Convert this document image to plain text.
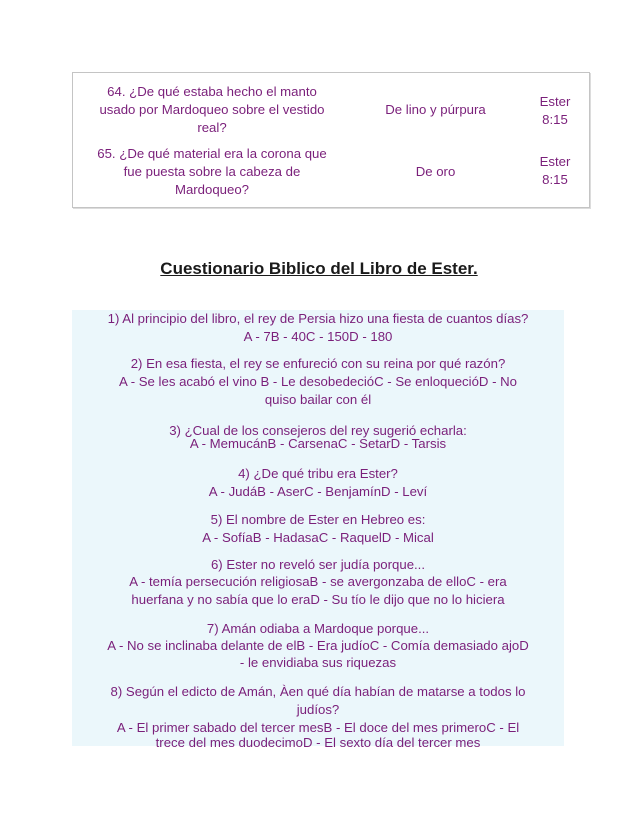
64. ¿De qué estaba hecho el manto
usado por Mardoqueo sobre el vestido
real?
De lino y púrpura
Ester
8:15
65. ¿De qué material era la corona que
fue puesta sobre la cabeza de
Mardoqueo?
De oro
Ester
8:15
Cuestionario Biblico del Libro de Ester.
1) Al principio del libro, el rey de Persia hizo una fiesta de cuantos días?
A - 7B - 40C - 150D - 180
2) En esa fiesta, el rey se enfureció con su reina por qué razón?
A - Se les acabó el vino B - Le desobedecióC - Se enloquecióD - No
quiso bailar con él
3) ¿Cual de los consejeros del rey sugerió echarla:
A - MemucánB - CarsenaC - SetarD - Tarsis
4) ¿De qué tribu era Ester?
A - JudáB - AserC - BenjamínD - Leví
5) El nombre de Ester en Hebreo es:
A - SofíaB - HadasaC - RaquelD - Mical
6) Ester no reveló ser judía porque...
A - temía persecución religiosaB - se avergonzaba de elloC - era
huerfana y no sabía que lo eraD - Su tío le dijo que no lo hiciera
7) Amán odiaba a Mardoque porque...
A - No se inclinaba delante de elB - Era judíoC - Comía demasiado ajoD
- le envidiaba sus riquezas
8) Según el edicto de Amán, Àen qué día habían de matarse a todos lo
judíos?
A - El primer sabado del tercer mesB - El doce del mes primeroC - El
trece del mes duodecimoD - El sexto día del tercer mes
